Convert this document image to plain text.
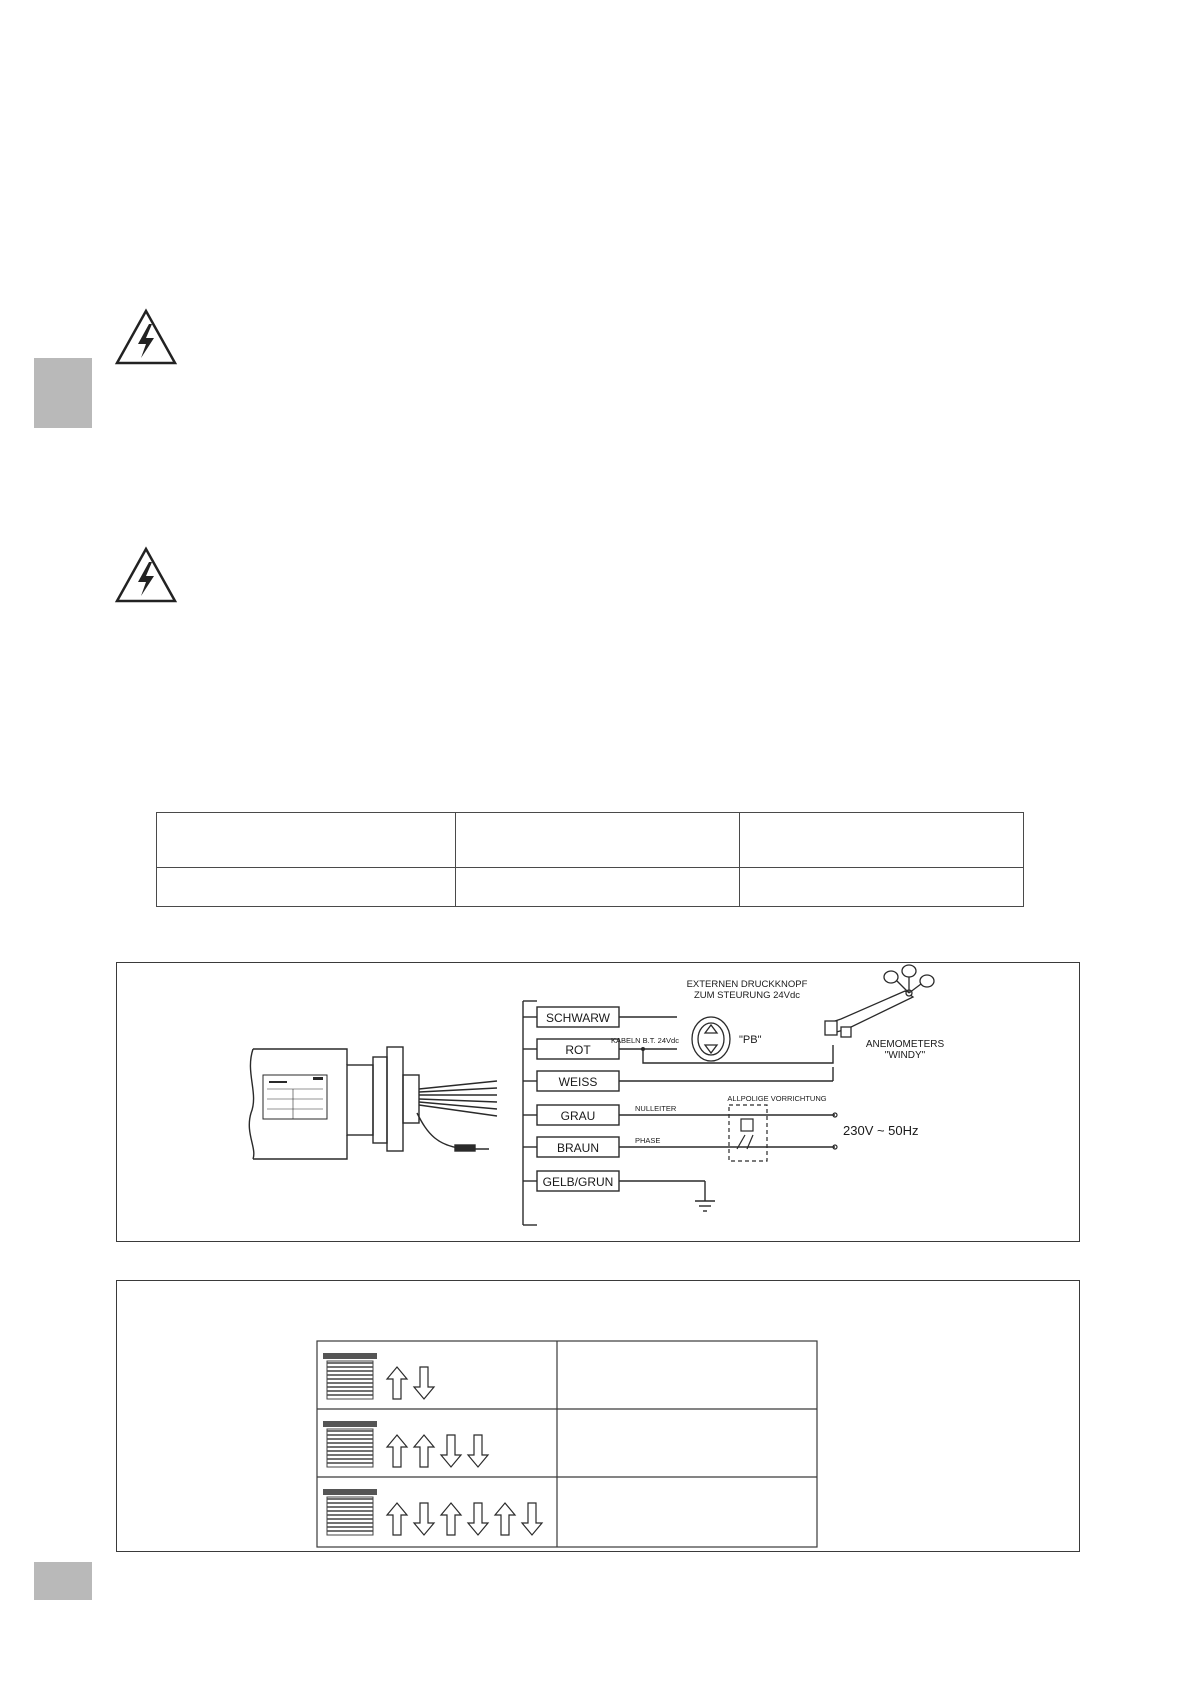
SCHWARW
ROT
WEISS
GRAU
BRAUN
GELB/GRUN
EXTERNEN DRUCKKNOPF
ZUM STEURUNG 24Vdc
KABELN B.T. 24Vdc	"PB"	ANEMOMETERS
"WINDY"
NULLEITER
PHASE
ALLPOLIGE VORRICHTUNG
230V ~ 50Hz
